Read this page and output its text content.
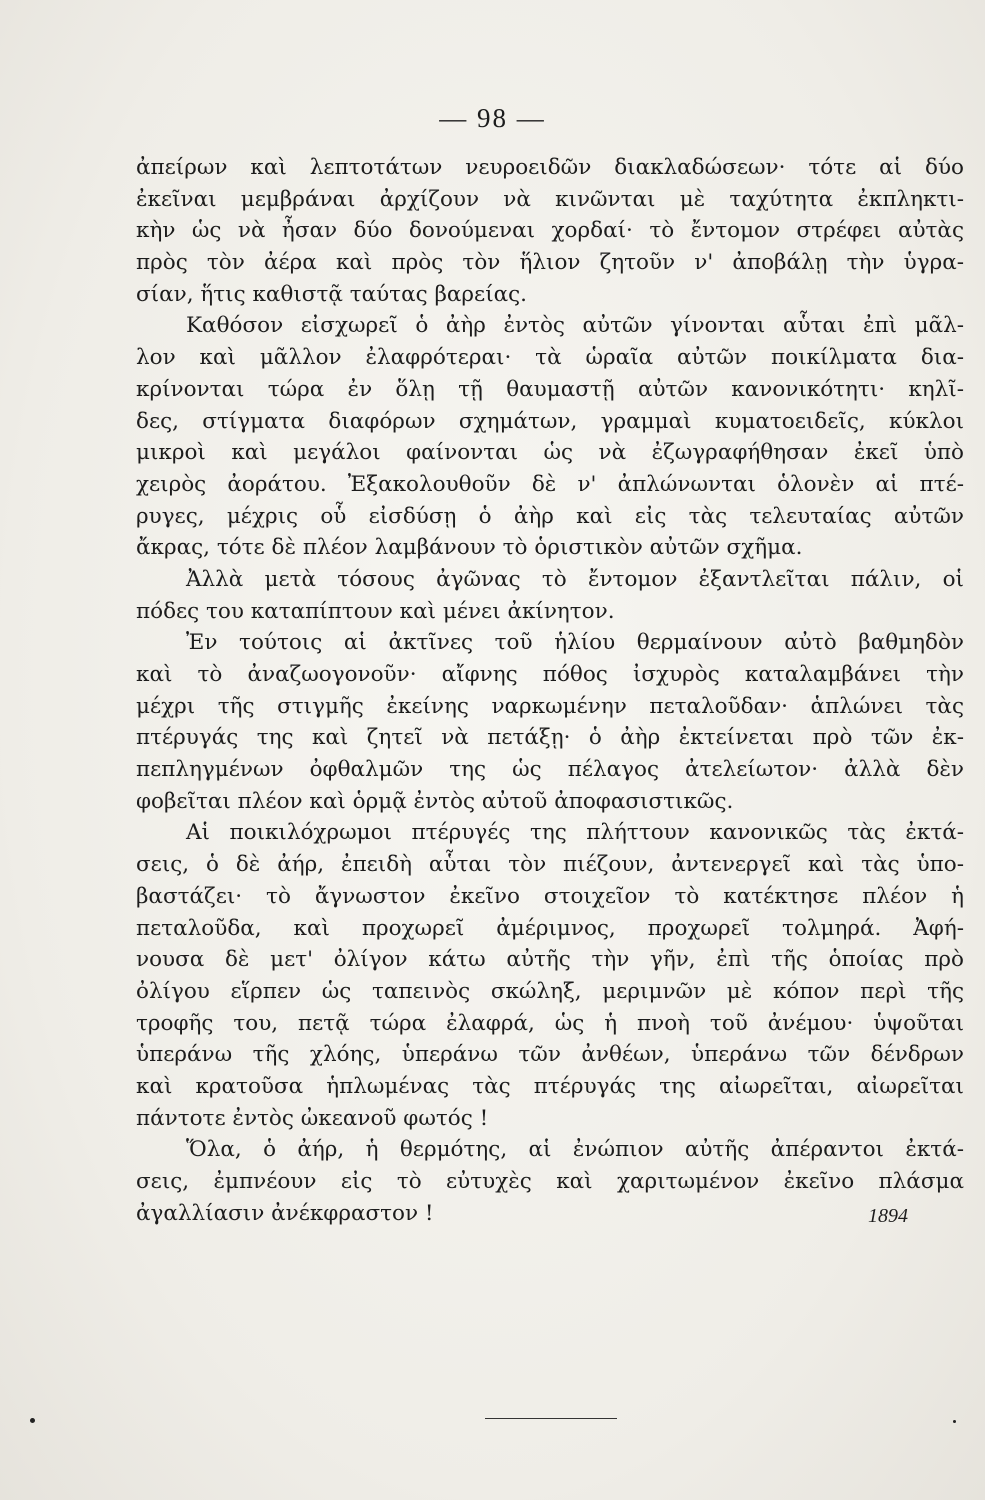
— 98 —
ἀπείρων καὶ λεπτοτάτων νευροειδῶν διακλαδώσεων· τότε αἱ δύο
ἐκεῖναι μεμβράναι ἀρχίζουν νὰ κινῶνται μὲ ταχύτητα ἐκπληκτι-
κὴν ὡς νὰ ἦσαν δύο δονούμεναι χορδαί· τὸ ἔντομον στρέφει αὐτὰς
πρὸς τὸν ἀέρα καὶ πρὸς τὸν ἥλιον ζητοῦν ν' ἀποβάλῃ τὴν ὑγρα-
σίαν, ἥτις καθιστᾷ ταύτας βαρείας.
Καθόσον εἰσχωρεῖ ὁ ἀὴρ ἐντὸς αὐτῶν γίνονται αὗται ἐπὶ μᾶλ-
λον καὶ μᾶλλον ἐλαφρότεραι· τὰ ὡραῖα αὐτῶν ποικίλματα δια-
κρίνονται τώρα ἐν ὅλῃ τῇ θαυμαστῇ αὐτῶν κανονικότητι· κηλῖ-
δες, στίγματα διαφόρων σχημάτων, γραμμαὶ κυματοειδεῖς, κύκλοι
μικροὶ καὶ μεγάλοι φαίνονται ὡς νὰ ἐζωγραφήθησαν ἐκεῖ ὑπὸ
χειρὸς ἀοράτου. Ἐξακολουθοῦν δὲ ν' ἀπλώνωνται ὁλονὲν αἱ πτέ-
ρυγες, μέχρις οὗ εἰσδύσῃ ὁ ἀὴρ καὶ εἰς τὰς τελευταίας αὐτῶν
ἄκρας, τότε δὲ πλέον λαμβάνουν τὸ ὁριστικὸν αὐτῶν σχῆμα.
Ἀλλὰ μετὰ τόσους ἀγῶνας τὸ ἔντομον ἐξαντλεῖται πάλιν, οἱ
πόδες του καταπίπτουν καὶ μένει ἀκίνητον.
Ἐν τούτοις αἱ ἀκτῖνες τοῦ ἡλίου θερμαίνουν αὐτὸ βαθμηδὸν
καὶ τὸ ἀναζωογονοῦν· αἴφνης πόθος ἰσχυρὸς καταλαμβάνει τὴν
μέχρι τῆς στιγμῆς ἐκείνης ναρκωμένην πεταλοῦδαν· ἁπλώνει τὰς
πτέρυγάς της καὶ ζητεῖ νὰ πετάξῃ· ὁ ἀὴρ ἐκτείνεται πρὸ τῶν ἐκ-
πεπληγμένων ὀφθαλμῶν της ὡς πέλαγος ἀτελείωτον· ἀλλὰ δὲν
φοβεῖται πλέον καὶ ὁρμᾷ ἐντὸς αὐτοῦ ἀποφασιστικῶς.
Αἱ ποικιλόχρωμοι πτέρυγές της πλήττουν κανονικῶς τὰς ἐκτά-
σεις, ὁ δὲ ἀήρ, ἐπειδὴ αὗται τὸν πιέζουν, ἀντενεργεῖ καὶ τὰς ὑπο-
βαστάζει· τὸ ἄγνωστον ἐκεῖνο στοιχεῖον τὸ κατέκτησε πλέον ἡ
πεταλοῦδα, καὶ προχωρεῖ ἀμέριμνος, προχωρεῖ τολμηρά. Ἀφή-
νουσα δὲ μετ' ὀλίγον κάτω αὐτῆς τὴν γῆν, ἐπὶ τῆς ὁποίας πρὸ
ὀλίγου εἵρπεν ὡς ταπεινὸς σκώληξ, μεριμνῶν μὲ κόπον περὶ τῆς
τροφῆς του, πετᾷ τώρα ἐλαφρά, ὡς ἡ πνοὴ τοῦ ἀνέμου· ὑψοῦται
ὑπεράνω τῆς χλόης, ὑπεράνω τῶν ἀνθέων, ὑπεράνω τῶν δένδρων
καὶ κρατοῦσα ἡπλωμένας τὰς πτέρυγάς της αἰωρεῖται, αἰωρεῖται
πάντοτε ἐντὸς ὠκεανοῦ φωτός !
Ὅλα, ὁ ἀήρ, ἡ θερμότης, αἱ ἐνώπιον αὐτῆς ἀπέραντοι ἐκτά-
σεις, ἐμπνέουν εἰς τὸ εὐτυχὲς καὶ χαριτωμένον ἐκεῖνο πλάσμα
ἀγαλλίασιν ἀνέκφραστον !	1894
